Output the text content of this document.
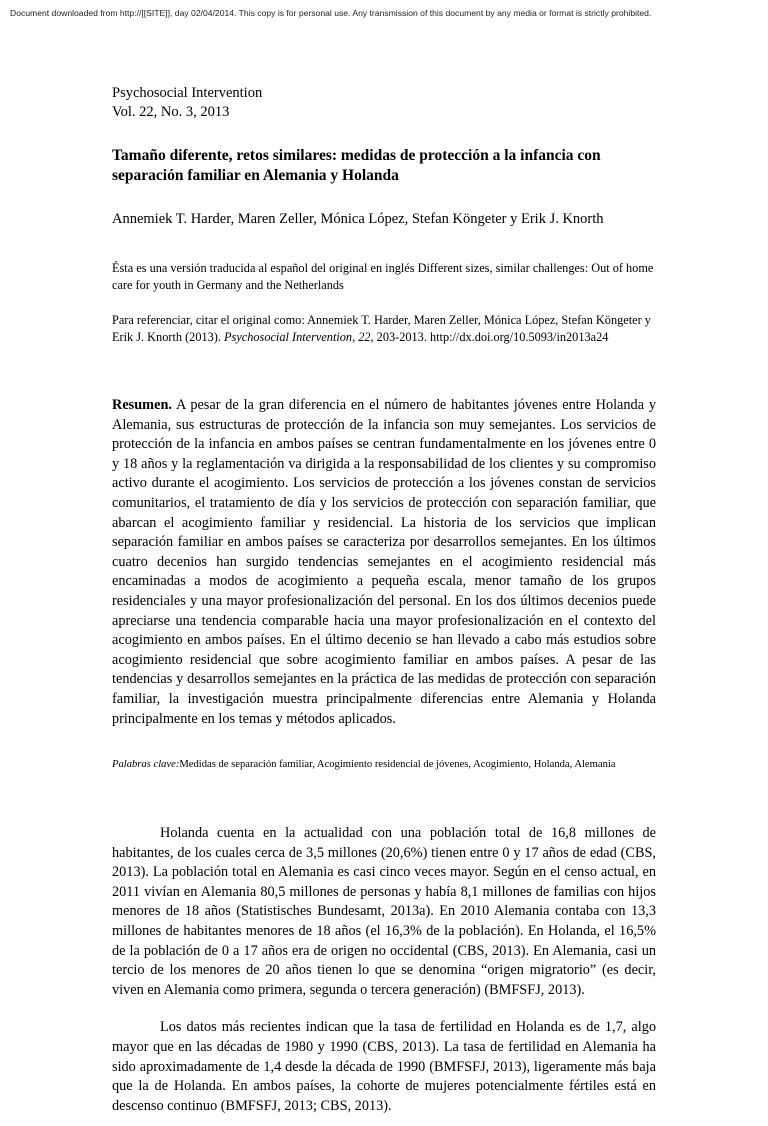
Document downloaded from http://[[SITE]], day 02/04/2014. This copy is for personal use. Any transmission of this document by any media or format is strictly prohibited.
Psychosocial Intervention
Vol. 22, No. 3, 2013
Tamaño diferente, retos similares: medidas de protección a la infancia con separación familiar en Alemania y Holanda
Annemiek T. Harder, Maren Zeller, Mónica López, Stefan Köngeter y Erik J. Knorth
Ésta es una versión traducida al español del original en inglés Different sizes, similar challenges: Out of home care for youth in Germany and the Netherlands
Para referenciar, citar el original como: Annemiek T. Harder, Maren Zeller, Mónica López, Stefan Köngeter y Erik J. Knorth (2013). Psychosocial Intervention, 22, 203-2013. http://dx.doi.org/10.5093/in2013a24

Resumen. A pesar de la gran diferencia en el número de habitantes jóvenes entre Holanda y Alemania, sus estructuras de protección de la infancia son muy semejantes. Los servicios de protección de la infancia en ambos países se centran fundamentalmente en los jóvenes entre 0 y 18 años y la reglamentación va dirigida a la responsabilidad de los clientes y su compromiso activo durante el acogimiento. Los servicios de protección a los jóvenes constan de servicios comunitarios, el tratamiento de día y los servicios de protección con separación familiar, que abarcan el acogimiento familiar y residencial. La historia de los servicios que implican separación familiar en ambos países se caracteriza por desarrollos semejantes. En los últimos cuatro decenios han surgido tendencias semejantes en el acogimiento residencial más encaminadas a modos de acogimiento a pequeña escala, menor tamaño de los grupos residenciales y una mayor profesionalización del personal. En los dos últimos decenios puede apreciarse una tendencia comparable hacia una mayor profesionalización en el contexto del acogimiento en ambos países. En el último decenio se han llevado a cabo más estudios sobre acogimiento residencial que sobre acogimiento familiar en ambos países. A pesar de las tendencias y desarrollos semejantes en la práctica de las medidas de protección con separación familiar, la investigación muestra principalmente diferencias entre Alemania y Holanda principalmente en los temas y métodos aplicados.

Palabras clave:Medidas de separación familiar, Acogimiento residencial de jóvenes, Acogimiento, Holanda, Alemania

Holanda cuenta en la actualidad con una población total de 16,8 millones de habitantes, de los cuales cerca de 3,5 millones (20,6%) tienen entre 0 y 17 años de edad (CBS, 2013). La población total en Alemania es casi cinco veces mayor. Según en el censo actual, en 2011 vivían en Alemania 80,5 millones de personas y había 8,1 millones de familias con hijos menores de 18 años (Statistisches Bundesamt, 2013a). En 2010 Alemania contaba con 13,3 millones de habitantes menores de 18 años (el 16,3% de la población). En Holanda, el 16,5% de la población de 0 a 17 años era de origen no occidental (CBS, 2013). En Alemania, casi un tercio de los menores de 20 años tienen lo que se denomina “origen migratorio” (es decir, viven en Alemania como primera, segunda o tercera generación) (BMFSFJ, 2013).

Los datos más recientes indican que la tasa de fertilidad en Holanda es de 1,7, algo mayor que en las décadas de 1980 y 1990 (CBS, 2013). La tasa de fertilidad en Alemania ha sido aproximadamente de 1,4 desde la década de 1990 (BMFSFJ, 2013), ligeramente más baja que la de Holanda. En ambos países, la cohorte de mujeres potencialmente fértiles está en descenso continuo (BMFSFJ, 2013; CBS, 2013).
